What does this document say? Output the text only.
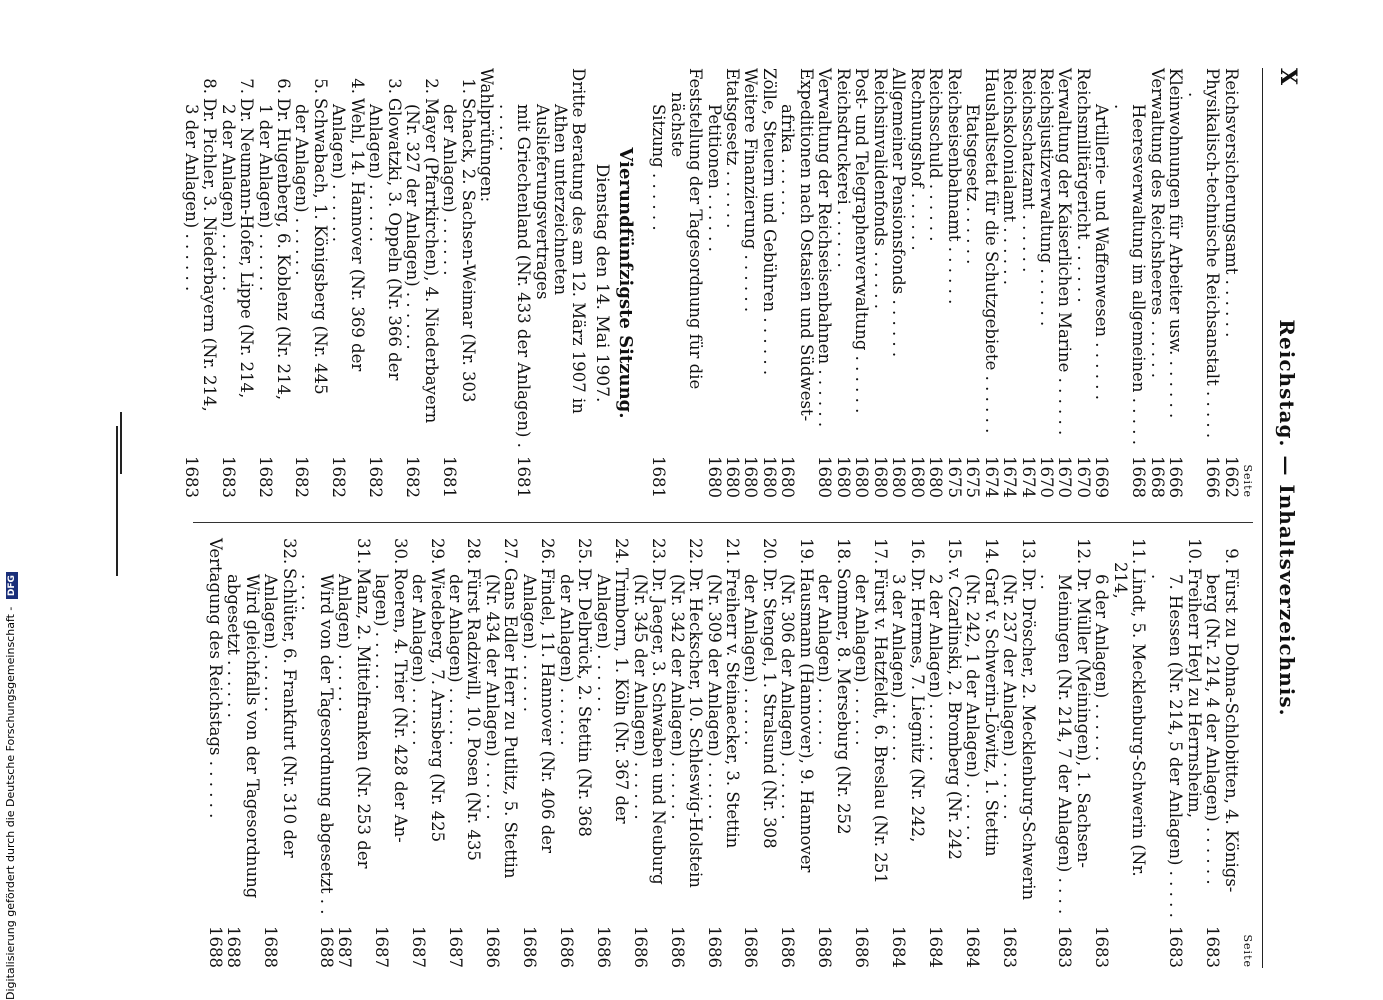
X
Reichstag. — Inhaltsverzeichnis.
Seite
Reichsversicherungsamt . . . . . .
1662
Physikalisch-technische Reichsanstalt . . . . . .
1666
Kleinwohnungen für Arbeiter usw. . . . . . .
1666
Verwaltung des Reichsheeres . . . . . .
1668
Heeresverwaltung im allgemeinen . . . . . .
1668
Artillerie- und Waffenwesen . . . . . .
1669
Reichsmilitärgericht . . . . . .
1670
Verwaltung der Kaiserlichen Marine . . . . . .
1670
Reichsjustizverwaltung . . . . . .
1670
Reichsschatzamt . . . . . .
1674
Reichskolonialamt . . . . . .
1674
Haushaltsetat für die Schutzgebiete . . . . . .
1674
Etatsgesetz . . . . . .
1675
Reichseisenbahnamt . . . . . .
1675
Reichsschuld . . . . . .
1680
Rechnungshof . . . . . .
1680
Allgemeiner Pensionsfonds . . . . . .
1680
Reichsinvalidenfonds . . . . . .
1680
Post- und Telegraphenverwaltung . . . . . .
1680
Reichsdruckerei . . . . . .
1680
Verwaltung der Reichseisenbahnen . . . . . .
1680
Expeditionen nach Ostasien und Südwest-
afrika . . . . . .
1680
Zölle, Steuern und Gebühren . . . . . .
1680
Weitere Finanzierung . . . . . .
1680
Etatsgesetz . . . . . .
1680
Petitionen . . . . . .
1680
Feststellung der Tagesordnung für die nächste
Sitzung . . . . . .
1681
Vierundfünfzigste Sitzung.
Dienstag den 14. Mai 1907.
Dritte Beratung des am 12. März 1907 in
Athen unterzeichneten Auslieferungsvertrages
mit Griechenland (Nr. 433 der Anlagen) . . . . . .
1681
Wahlprüfungen:
1.Schack, 2. Sachsen-Weimar (Nr. 303
der Anlagen) . . . . . .
1681
2.Mayer (Pfarrkirchen), 4. Niederbayern
(Nr. 327 der Anlagen) . . . . . .
1682
3.Glowatzki, 3. Oppeln (Nr. 366 der
Anlagen) . . . . . .
1682
4.Wehl, 14. Hannover (Nr. 369 der
Anlagen) . . . . . .
1682
5.Schwabach, 1. Königsberg (Nr. 445
der Anlagen) . . . . . .
1682
6.Dr. Hugenberg, 6. Koblenz (Nr. 214,
1 der Anlagen) . . . . . .
1682
7.Dr. Neumann-Hofer, Lippe (Nr. 214,
2 der Anlagen) . . . . . .
1683
8.Dr. Pichler, 3. Niederbayern (Nr. 214,
3 der Anlagen) . . . . . .
1683
Seite
9.Fürst zu Dohna-Schlobitten, 4. Königs-
berg (Nr. 214, 4 der Anlagen) . . . . . .
1683
10.Freiherr Heyl zu Herrnsheim,
7. Hessen (Nr. 214, 5 der Anlagen) . . . . . .
1683
11.Lindt, 5. Mecklenburg-Schwerin (Nr. 214,
6 der Anlagen) . . . . . .
1683
12.Dr. Müller (Meiningen), 1. Sachsen-
Meiningen (Nr. 214, 7 der Anlagen) . . . . . .
1683
13.Dr. Dröscher, 2. Mecklenburg-Schwerin
(Nr. 237 der Anlagen) . . . . . .
1683
14.Graf v. Schwerin-Löwitz, 1. Stettin
(Nr. 242, 1 der Anlagen) . . . . . .
1684
15.v. Czarlinski, 2. Bromberg (Nr. 242
2 der Anlagen) . . . . . .
1684
16.Dr. Hermes, 7. Liegnitz (Nr. 242,
3 der Anlagen) . . . . . .
1684
17.Fürst v. Hatzfeldt, 6. Breslau (Nr. 251
der Anlagen) . . . . . .
1686
18.Sommer, 8. Merseburg (Nr. 252
der Anlagen) . . . . . .
1686
19.Hausmann (Hannover), 9. Hannover
(Nr. 306 der Anlagen) . . . . . .
1686
20.Dr. Stengel, 1. Stralsund (Nr. 308
der Anlagen) . . . . . .
1686
21.Freiherr v. Steinaecker, 3. Stettin
(Nr. 309 der Anlagen) . . . . . .
1686
22.Dr. Heckscher, 10. Schleswig-Holstein
(Nr. 342 der Anlagen) . . . . . .
1686
23.Dr. Jaeger, 3. Schwaben und Neuburg
(Nr. 345 der Anlagen) . . . . . .
1686
24.Trimborn, 1. Köln (Nr. 367 der
Anlagen) . . . . . .
1686
25.Dr. Delbrück, 2. Stettin (Nr. 368
der Anlagen) . . . . . .
1686
26.Findel, 11. Hannover (Nr. 406 der
Anlagen) . . . . . .
1686
27.Gans Edler Herr zu Putlitz, 5. Stettin
(Nr. 434 der Anlagen) . . . . . .
1686
28.Fürst Radziwill, 10. Posen (Nr. 435
der Anlagen) . . . . . .
1687
29.Wiedeberg, 7. Arnsberg (Nr. 425
der Anlagen) . . . . . .
1687
30.Roeren, 4. Trier (Nr. 428 der An-
lagen) . . . . . .
1687
31.Manz, 2. Mittelfranken (Nr. 253 der
Anlagen) . . . . . .
1687
Wird von der Tagesordnung abgesetzt . . . . . .
1688
32.Schlüter, 6. Frankfurt (Nr. 310 der
Anlagen) . . . . . .
1688
Wird gleichfalls von der Tagesordnung
abgesetzt . . . . . .
1688
Vertagung des Reichstags . . . . . .
1688
Digitalisierung gefördert durch die Deutsche Forschungsgemeinschaft - DFG
